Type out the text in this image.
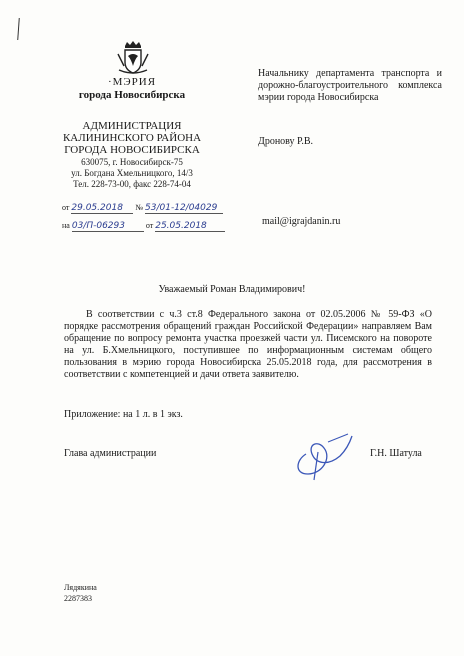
·МЭРИЯ
города Новосибирска
АДМИНИСТРАЦИЯ
КАЛИНИНСКОГО РАЙОНА
ГОРОДА НОВОСИБИРСКА
630075, г. Новосибирск-75
ул. Богдана Хмельницкого, 14/3
Тел. 228-73-00, факс 228-74-04
от 29.05.2018 № 53/01-12/04029
на 03/П-06293	от 25.05.2018
Начальнику департамента транспорта и дорожно-благоустроительного комплекса мэрии города Новосибирска
Дронову Р.В.
mail@igrajdanin.ru
Уважаемый Роман Владимирович!
В соответствии с ч.3 ст.8 Федерального закона от 02.05.2006 № 59-ФЗ «О порядке рассмотрения обращений граждан Российской Федерации» направляем Вам обращение по вопросу ремонта участка проезжей части ул. Писемского на повороте на ул. Б.Хмельницкого, поступившее по информационным системам общего пользования в мэрию города Новосибирска 25.05.2018 года, для рассмотрения в соответствии с компетенцией и дачи ответа заявителю.
Приложение: на 1 л. в 1 экз.
Глава администрации	Г.Н. Шатула
Лядякина
2287383
